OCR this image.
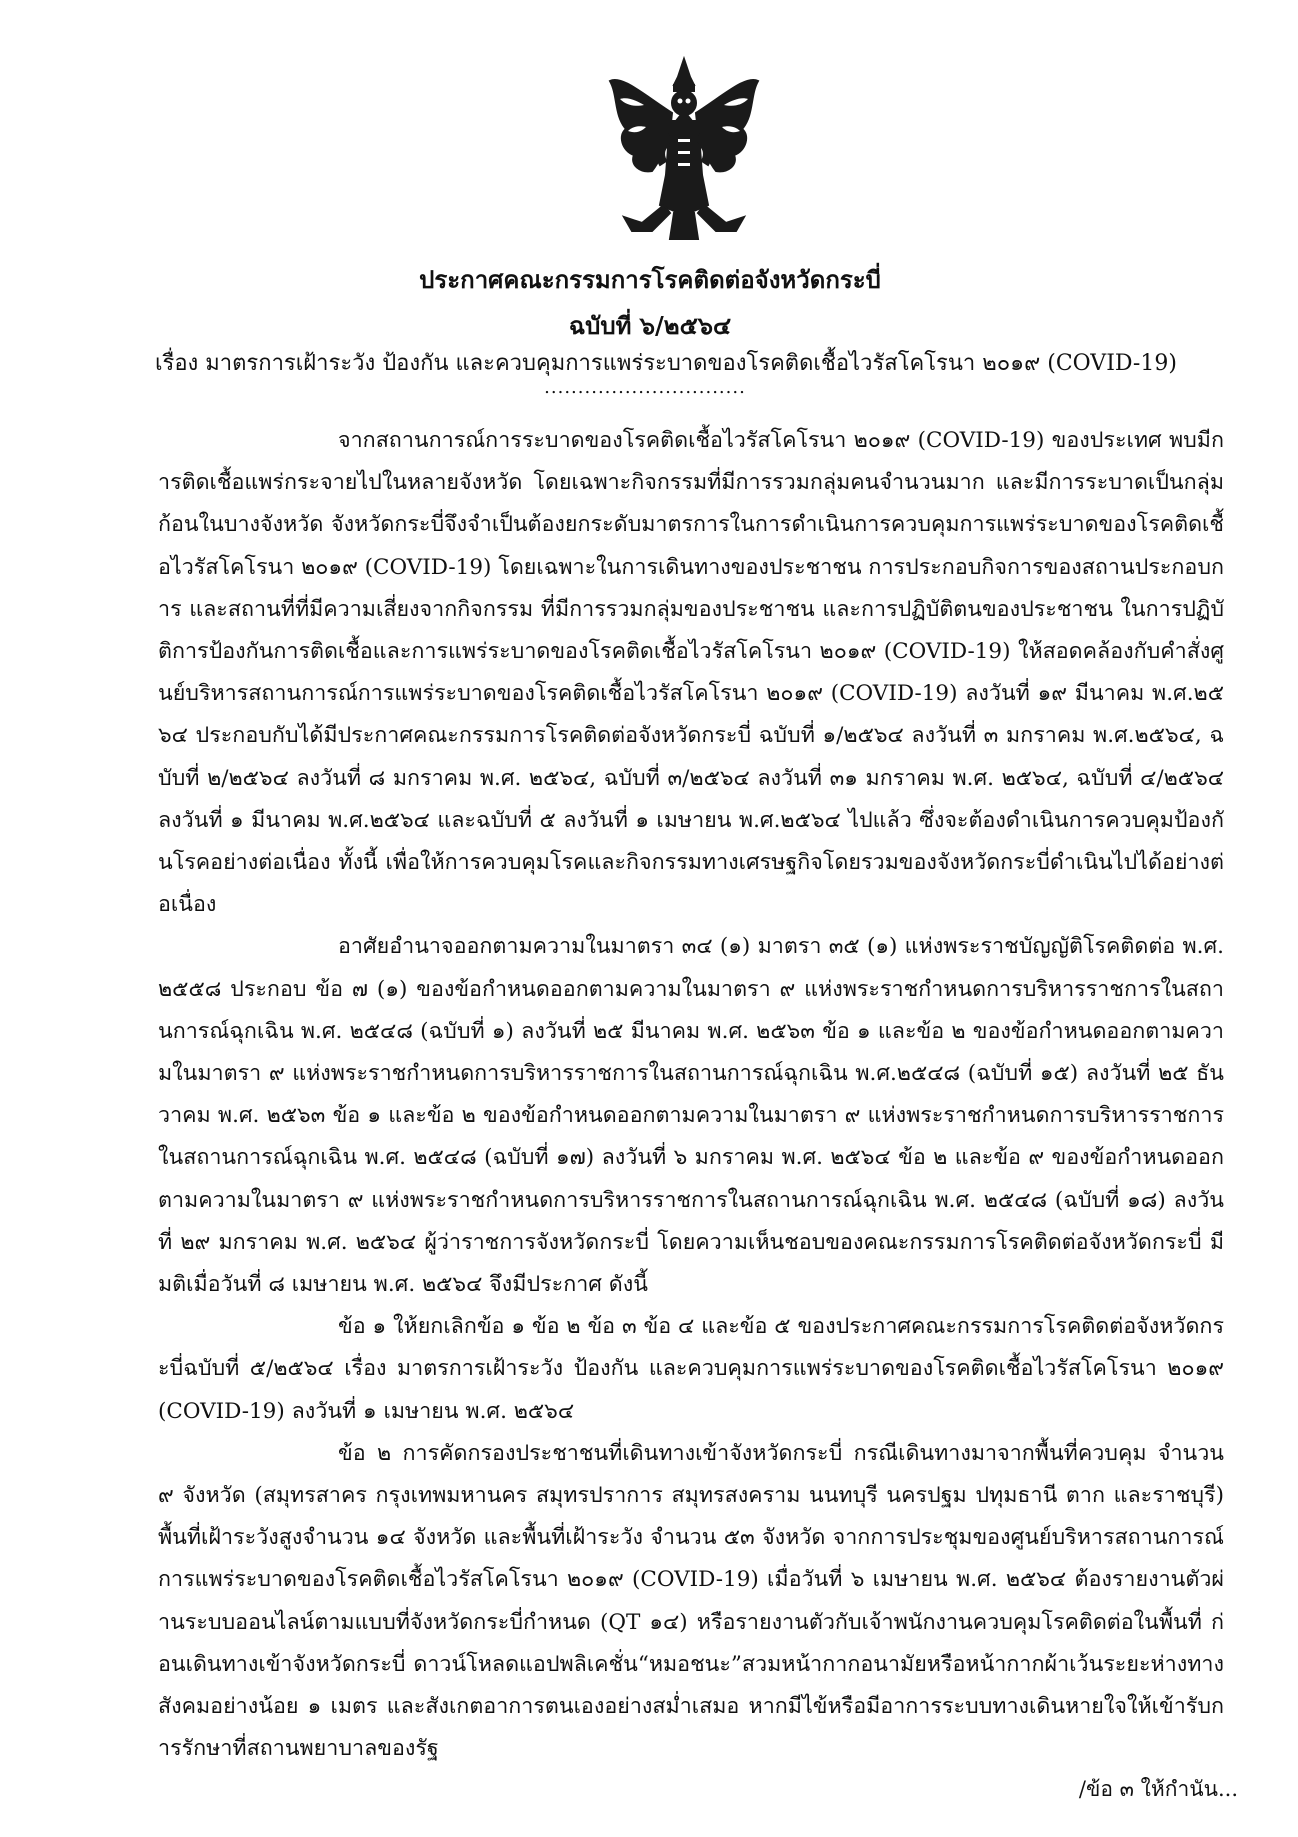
ประกาศคณะกรรมการโรคติดต่อจังหวัดกระบี่
ฉบับที่ ๖/๒๕๖๔
เรื่อง มาตรการเฝ้าระวัง ป้องกัน และควบคุมการแพร่ระบาดของโรคติดเชื้อไวรัสโคโรนา ๒๐๑๙ (COVID-19)
..............................

จากสถานการณ์การระบาดของโรคติดเชื้อไวรัสโคโรนา ๒๐๑๙ (COVID-19) ของประเทศ พบมีการติดเชื้อแพร่กระจายไปในหลายจังหวัด โดยเฉพาะกิจกรรมที่มีการรวมกลุ่มคนจำนวนมาก และมีการระบาดเป็นกลุ่มก้อนในบางจังหวัด จังหวัดกระบี่จึงจำเป็นต้องยกระดับมาตรการในการดำเนินการควบคุมการแพร่ระบาดของโรคติดเชื้อไวรัสโคโรนา ๒๐๑๙ (COVID-19) โดยเฉพาะในการเดินทางของประชาชน การประกอบกิจการของสถานประกอบการ และสถานที่ที่มีความเสี่ยงจากกิจกรรม ที่มีการรวมกลุ่มของประชาชน และการปฏิบัติตนของประชาชน ในการปฏิบัติการป้องกันการติดเชื้อและการแพร่ระบาดของโรคติดเชื้อไวรัสโคโรนา ๒๐๑๙ (COVID-19) ให้สอดคล้องกับคำสั่งศูนย์บริหารสถานการณ์การแพร่ระบาดของโรคติดเชื้อไวรัสโคโรนา ๒๐๑๙ (COVID-19) ลงวันที่ ๑๙ มีนาคม พ.ศ.๒๕๖๔ ประกอบกับได้มีประกาศคณะกรรมการโรคติดต่อจังหวัดกระบี่ ฉบับที่ ๑/๒๕๖๔ ลงวันที่ ๓ มกราคม พ.ศ.๒๕๖๔, ฉบับที่ ๒/๒๕๖๔ ลงวันที่ ๘ มกราคม พ.ศ. ๒๕๖๔, ฉบับที่ ๓/๒๕๖๔ ลงวันที่ ๓๑ มกราคม พ.ศ. ๒๕๖๔, ฉบับที่ ๔/๒๕๖๔ ลงวันที่ ๑ มีนาคม พ.ศ.๒๕๖๔ และฉบับที่ ๕ ลงวันที่ ๑ เมษายน พ.ศ.๒๕๖๔ ไปแล้ว ซึ่งจะต้องดำเนินการควบคุมป้องกันโรคอย่างต่อเนื่อง ทั้งนี้ เพื่อให้การควบคุมโรคและกิจกรรมทางเศรษฐกิจโดยรวมของจังหวัดกระบี่ดำเนินไปได้อย่างต่อเนื่อง

อาศัยอำนาจออกตามความในมาตรา ๓๔ (๑) มาตรา ๓๕ (๑) แห่งพระราชบัญญัติโรคติดต่อ พ.ศ. ๒๕๕๘ ประกอบ ข้อ ๗ (๑) ของข้อกำหนดออกตามความในมาตรา ๙ แห่งพระราชกำหนดการบริหารราชการในสถานการณ์ฉุกเฉิน พ.ศ. ๒๕๔๘ (ฉบับที่ ๑) ลงวันที่ ๒๕ มีนาคม พ.ศ. ๒๕๖๓ ข้อ ๑ และข้อ ๒ ของข้อกำหนดออกตามความในมาตรา ๙ แห่งพระราชกำหนดการบริหารราชการในสถานการณ์ฉุกเฉิน พ.ศ.๒๕๔๘ (ฉบับที่ ๑๕) ลงวันที่ ๒๕ ธันวาคม พ.ศ. ๒๕๖๓ ข้อ ๑ และข้อ ๒ ของข้อกำหนดออกตามความในมาตรา ๙ แห่งพระราชกำหนดการบริหารราชการในสถานการณ์ฉุกเฉิน พ.ศ. ๒๕๔๘ (ฉบับที่ ๑๗) ลงวันที่ ๖ มกราคม พ.ศ. ๒๕๖๔ ข้อ ๒ และข้อ ๙ ของข้อกำหนดออกตามความในมาตรา ๙ แห่งพระราชกำหนดการบริหารราชการในสถานการณ์ฉุกเฉิน พ.ศ. ๒๕๔๘ (ฉบับที่ ๑๘) ลงวันที่ ๒๙ มกราคม พ.ศ. ๒๕๖๔ ผู้ว่าราชการจังหวัดกระบี่ โดยความเห็นชอบของคณะกรรมการโรคติดต่อจังหวัดกระบี่ มีมติเมื่อวันที่ ๘ เมษายน พ.ศ. ๒๕๖๔ จึงมีประกาศ ดังนี้

ข้อ ๑ ให้ยกเลิกข้อ ๑ ข้อ ๒ ข้อ ๓ ข้อ ๔ และข้อ ๕ ของประกาศคณะกรรมการโรคติดต่อจังหวัดกระบี่ฉบับที่ ๕/๒๕๖๔ เรื่อง มาตรการเฝ้าระวัง ป้องกัน และควบคุมการแพร่ระบาดของโรคติดเชื้อไวรัสโคโรนา ๒๐๑๙ (COVID-19) ลงวันที่ ๑ เมษายน พ.ศ. ๒๕๖๔

ข้อ ๒ การคัดกรองประชาชนที่เดินทางเข้าจังหวัดกระบี่ กรณีเดินทางมาจากพื้นที่ควบคุม จำนวน ๙ จังหวัด (สมุทรสาคร กรุงเทพมหานคร สมุทรปราการ สมุทรสงคราม นนทบุรี นครปฐม ปทุมธานี ตาก และราชบุรี) พื้นที่เฝ้าระวังสูงจำนวน ๑๔ จังหวัด และพื้นที่เฝ้าระวัง จำนวน ๕๓ จังหวัด จากการประชุมของศูนย์บริหารสถานการณ์การแพร่ระบาดของโรคติดเชื้อไวรัสโคโรนา ๒๐๑๙ (COVID-19) เมื่อวันที่ ๖ เมษายน พ.ศ. ๒๕๖๔ ต้องรายงานตัวผ่านระบบออนไลน์ตามแบบที่จังหวัดกระบี่กำหนด (QT ๑๔) หรือรายงานตัวกับเจ้าพนักงานควบคุมโรคติดต่อในพื้นที่ ก่อนเดินทางเข้าจังหวัดกระบี่ ดาวน์โหลดแอปพลิเคชั่น“หมอชนะ”สวมหน้ากากอนามัยหรือหน้ากากผ้าเว้นระยะห่างทางสังคมอย่างน้อย ๑ เมตร และสังเกตอาการตนเองอย่างสม่ำเสมอ หากมีไข้หรือมีอาการระบบทางเดินหายใจให้เข้ารับการรักษาที่สถานพยาบาลของรัฐ

/ข้อ ๓ ให้กำนัน...
